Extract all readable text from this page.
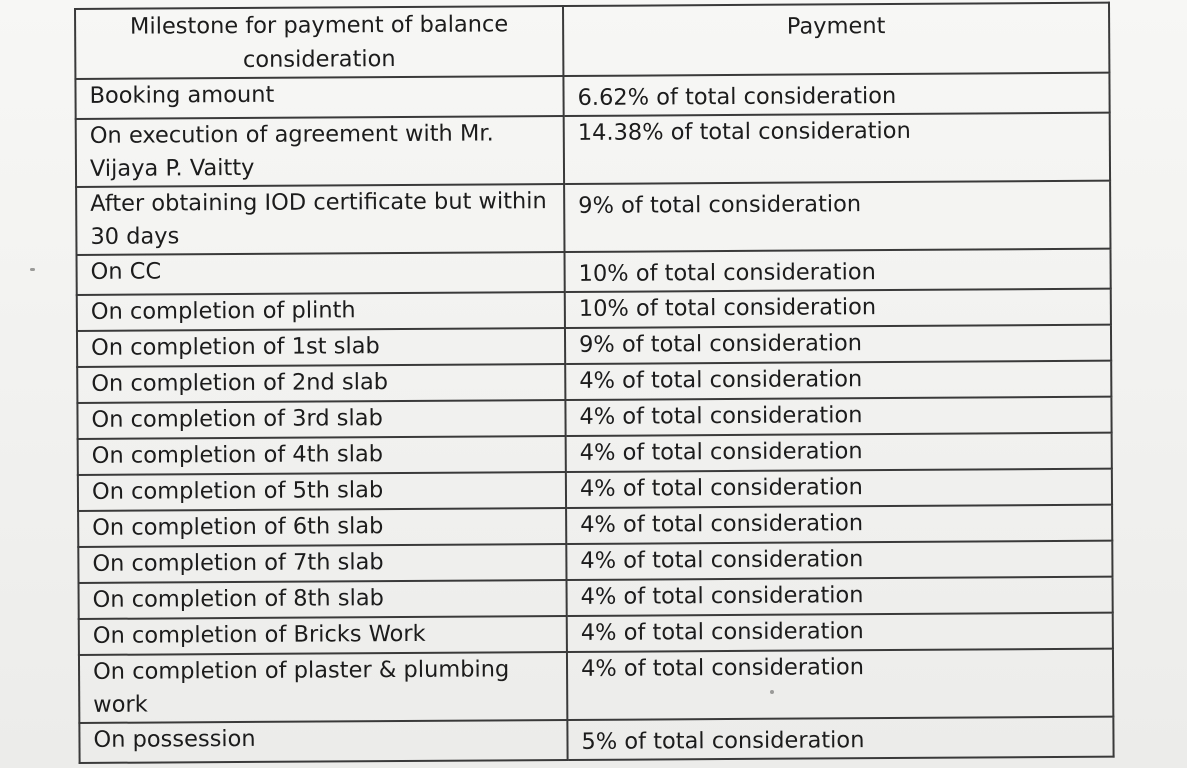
Milestone for payment of balance consideration	Payment
Booking amount	6.62% of total consideration
On execution of agreement with Mr. Vijaya P. Vaitty	14.38% of total consideration
After obtaining IOD certificate but within 30 days	9% of total consideration
On CC	10% of total consideration
On completion of plinth	10% of total consideration
On completion of 1st slab	9% of total consideration
On completion of 2nd slab	4% of total consideration
On completion of 3rd slab	4% of total consideration
On completion of 4th slab	4% of total consideration
On completion of 5th slab	4% of total consideration
On completion of 6th slab	4% of total consideration
On completion of 7th slab	4% of total consideration
On completion of 8th slab	4% of total consideration
On completion of Bricks Work	4% of total consideration
On completion of plaster & plumbing work	4% of total consideration
On possession	5% of total consideration
